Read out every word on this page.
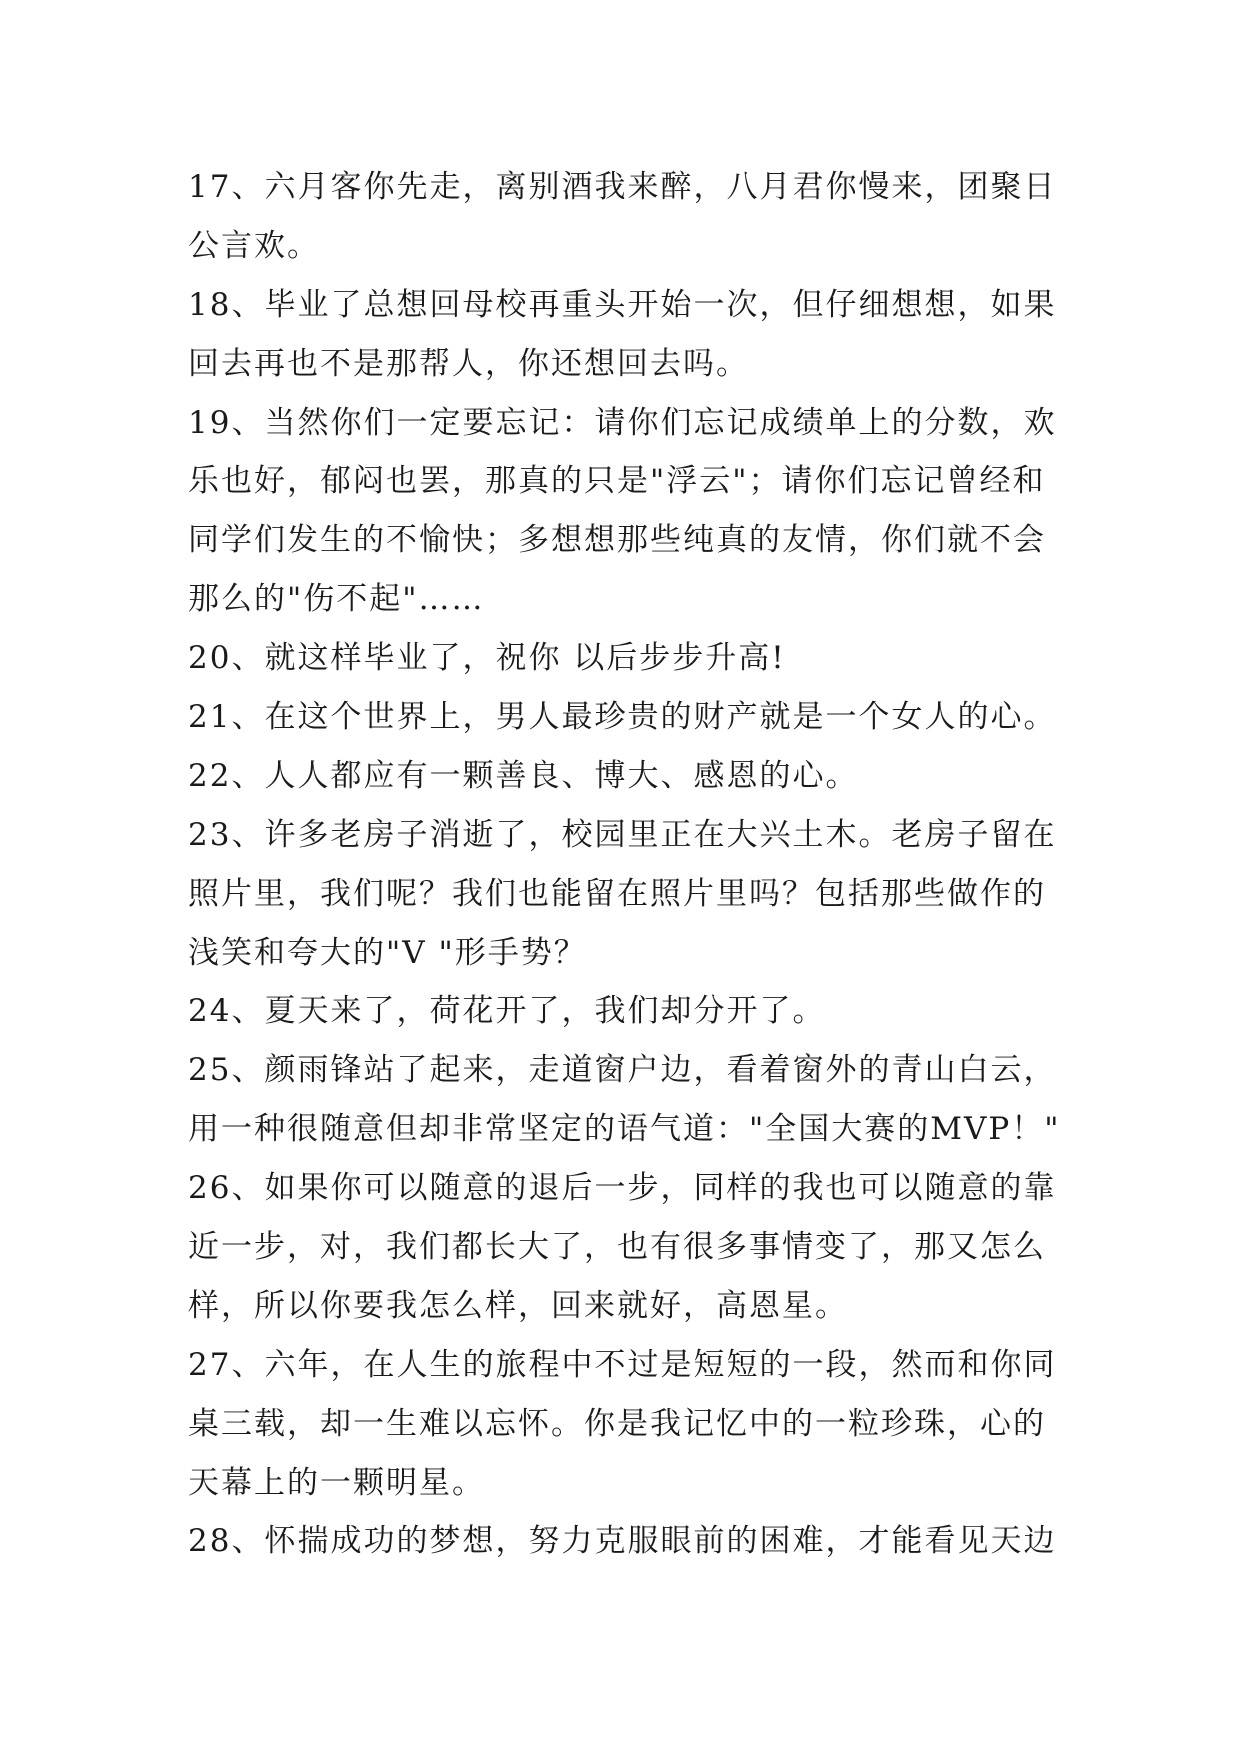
17、六月客你先走，离别酒我来醉，八月君你慢来，团聚日
公言欢。
18、毕业了总想回母校再重头开始一次，但仔细想想，如果
回去再也不是那帮人，你还想回去吗。
19、当然你们一定要忘记：请你们忘记成绩单上的分数，欢
乐也好，郁闷也罢，那真的只是"浮云"；请你们忘记曾经和
同学们发生的不愉快；多想想那些纯真的友情，你们就不会
那么的"伤不起"……
20、就这样毕业了，祝你 以后步步升高!
21、在这个世界上，男人最珍贵的财产就是一个女人的心。
22、人人都应有一颗善良、博大、感恩的心。
23、许多老房子消逝了，校园里正在大兴土木。老房子留在
照片里，我们呢？我们也能留在照片里吗？包括那些做作的
浅笑和夸大的"V "形手势？
24、夏天来了，荷花开了，我们却分开了。
25、颜雨锋站了起来，走道窗户边，看着窗外的青山白云，
用一种很随意但却非常坚定的语气道："全国大赛的MVP！"
26、如果你可以随意的退后一步，同样的我也可以随意的靠
近一步，对，我们都长大了，也有很多事情变了，那又怎么
样，所以你要我怎么样，回来就好，高恩星。
27、六年，在人生的旅程中不过是短短的一段，然而和你同
桌三载，却一生难以忘怀。你是我记忆中的一粒珍珠，心的
天幕上的一颗明星。
28、怀揣成功的梦想，努力克服眼前的困难，才能看见天边
